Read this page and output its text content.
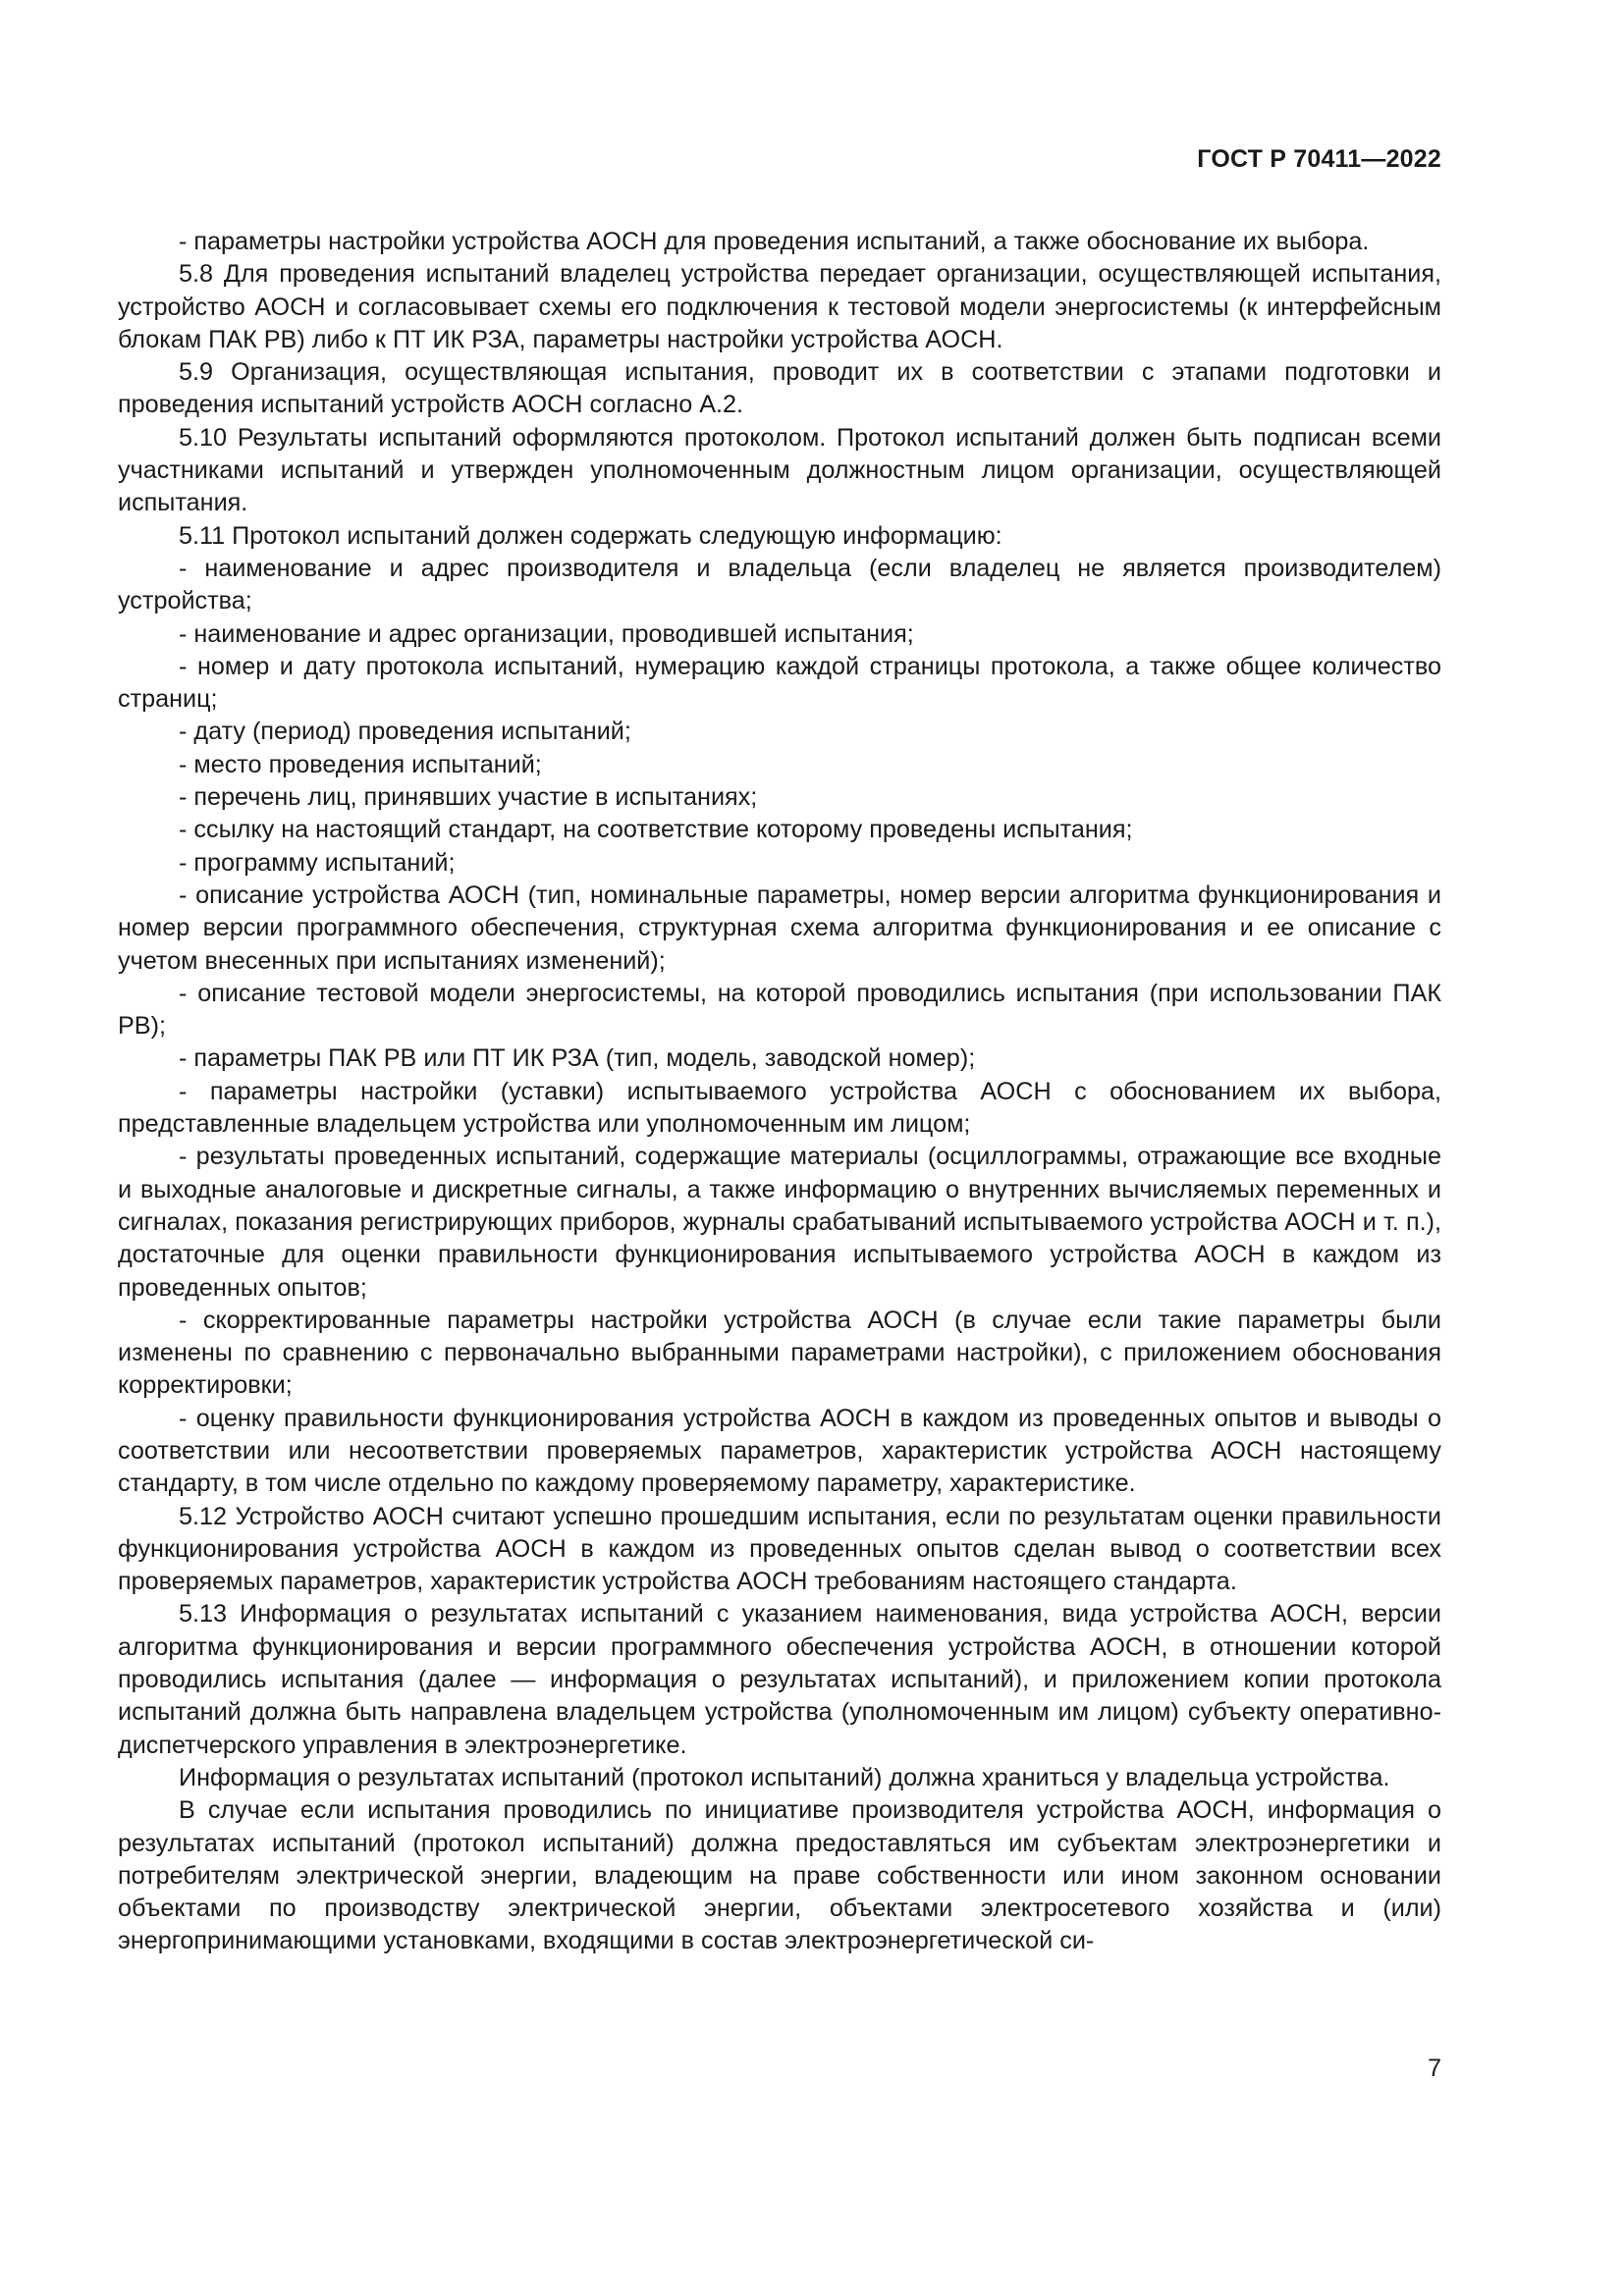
ГОСТ Р 70411—2022

- параметры настройки устройства АОСН для проведения испытаний, а также обоснование их выбора.

5.8 Для проведения испытаний владелец устройства передает организации, осуществляющей испытания, устройство АОСН и согласовывает схемы его подключения к тестовой модели энергосистемы (к интерфейсным блокам ПАК РВ) либо к ПТ ИК РЗА, параметры настройки устройства АОСН.

5.9 Организация, осуществляющая испытания, проводит их в соответствии с этапами подготовки и проведения испытаний устройств АОСН согласно А.2.

5.10 Результаты испытаний оформляются протоколом. Протокол испытаний должен быть подписан всеми участниками испытаний и утвержден уполномоченным должностным лицом организации, осуществляющей испытания.

5.11 Протокол испытаний должен содержать следующую информацию:

- наименование и адрес производителя и владельца (если владелец не является производителем) устройства;

- наименование и адрес организации, проводившей испытания;

- номер и дату протокола испытаний, нумерацию каждой страницы протокола, а также общее количество страниц;

- дату (период) проведения испытаний;

- место проведения испытаний;

- перечень лиц, принявших участие в испытаниях;

- ссылку на настоящий стандарт, на соответствие которому проведены испытания;

- программу испытаний;

- описание устройства АОСН (тип, номинальные параметры, номер версии алгоритма функционирования и номер версии программного обеспечения, структурная схема алгоритма функционирования и ее описание с учетом внесенных при испытаниях изменений);

- описание тестовой модели энергосистемы, на которой проводились испытания (при использовании ПАК РВ);

- параметры ПАК РВ или ПТ ИК РЗА (тип, модель, заводской номер);

- параметры настройки (уставки) испытываемого устройства АОСН с обоснованием их выбора, представленные владельцем устройства или уполномоченным им лицом;

- результаты проведенных испытаний, содержащие материалы (осциллограммы, отражающие все входные и выходные аналоговые и дискретные сигналы, а также информацию о внутренних вычисляемых переменных и сигналах, показания регистрирующих приборов, журналы срабатываний испытываемого устройства АОСН и т. п.), достаточные для оценки правильности функционирования испытываемого устройства АОСН в каждом из проведенных опытов;

- скорректированные параметры настройки устройства АОСН (в случае если такие параметры были изменены по сравнению с первоначально выбранными параметрами настройки), с приложением обоснования корректировки;

- оценку правильности функционирования устройства АОСН в каждом из проведенных опытов и выводы о соответствии или несоответствии проверяемых параметров, характеристик устройства АОСН настоящему стандарту, в том числе отдельно по каждому проверяемому параметру, характеристике.

5.12 Устройство АОСН считают успешно прошедшим испытания, если по результатам оценки правильности функционирования устройства АОСН в каждом из проведенных опытов сделан вывод о соответствии всех проверяемых параметров, характеристик устройства АОСН требованиям настоящего стандарта.

5.13 Информация о результатах испытаний с указанием наименования, вида устройства АОСН, версии алгоритма функционирования и версии программного обеспечения устройства АОСН, в отношении которой проводились испытания (далее — информация о результатах испытаний), и приложением копии протокола испытаний должна быть направлена владельцем устройства (уполномоченным им лицом) субъекту оперативно-диспетчерского управления в электроэнергетике.

Информация о результатах испытаний (протокол испытаний) должна храниться у владельца устройства.

В случае если испытания проводились по инициативе производителя устройства АОСН, информация о результатах испытаний (протокол испытаний) должна предоставляться им субъектам электроэнергетики и потребителям электрической энергии, владеющим на праве собственности или ином законном основании объектами по производству электрической энергии, объектами электросетевого хозяйства и (или) энергопринимающими установками, входящими в состав электроэнергетической си-

7
